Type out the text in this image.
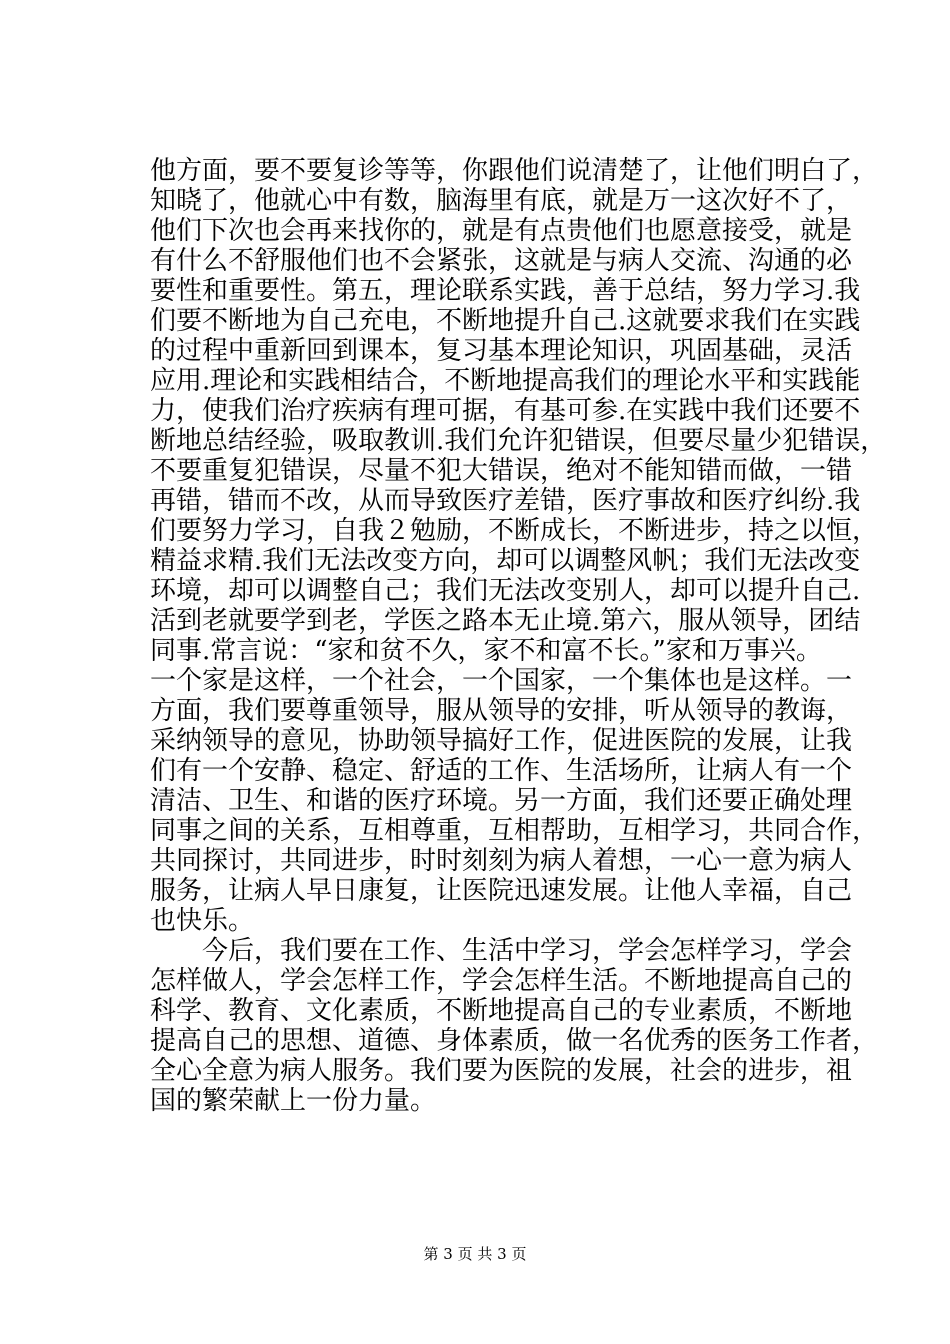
他方面，要不要复诊等等，你跟他们说清楚了，让他们明白了，
知晓了，他就心中有数，脑海里有底，就是万一这次好不了，
他们下次也会再来找你的，就是有点贵他们也愿意接受，就是
有什么不舒服他们也不会紧张，这就是与病人交流、沟通的必
要性和重要性。第五，理论联系实践，善于总结，努力学习.我
们要不断地为自己充电，不断地提升自己.这就要求我们在实践
的过程中重新回到课本，复习基本理论知识，巩固基础，灵活
应用.理论和实践相结合，不断地提高我们的理论水平和实践能
力，使我们治疗疾病有理可据，有基可参.在实践中我们还要不
断地总结经验，吸取教训.我们允许犯错误，但要尽量少犯错误，
不要重复犯错误，尽量不犯大错误，绝对不能知错而做，一错
再错，错而不改，从而导致医疗差错，医疗事故和医疗纠纷.我
们要努力学习，自我２勉励，不断成长，不断进步，持之以恒，
精益求精.我们无法改变方向，却可以调整风帆；我们无法改变
环境，却可以调整自己；我们无法改变别人，却可以提升自己.
活到老就要学到老，学医之路本无止境.第六，服从领导，团结
同事.常言说：“家和贫不久，家不和富不长。”家和万事兴。
一个家是这样，一个社会，一个国家，一个集体也是这样。一
方面，我们要尊重领导，服从领导的安排，听从领导的教诲，
采纳领导的意见，协助领导搞好工作，促进医院的发展，让我
们有一个安静、稳定、舒适的工作、生活场所，让病人有一个
清洁、卫生、和谐的医疗环境。另一方面，我们还要正确处理
同事之间的关系，互相尊重，互相帮助，互相学习，共同合作，
共同探讨，共同进步，时时刻刻为病人着想，一心一意为病人
服务，让病人早日康复，让医院迅速发展。让他人幸福，自己
也快乐。
　　今后，我们要在工作、生活中学习，学会怎样学习，学会
怎样做人，学会怎样工作，学会怎样生活。不断地提高自己的
科学、教育、文化素质，不断地提高自己的专业素质，不断地
提高自己的思想、道德、身体素质，做一名优秀的医务工作者，
全心全意为病人服务。我们要为医院的发展，社会的进步，祖
国的繁荣献上一份力量。
第 3 页 共 3 页
